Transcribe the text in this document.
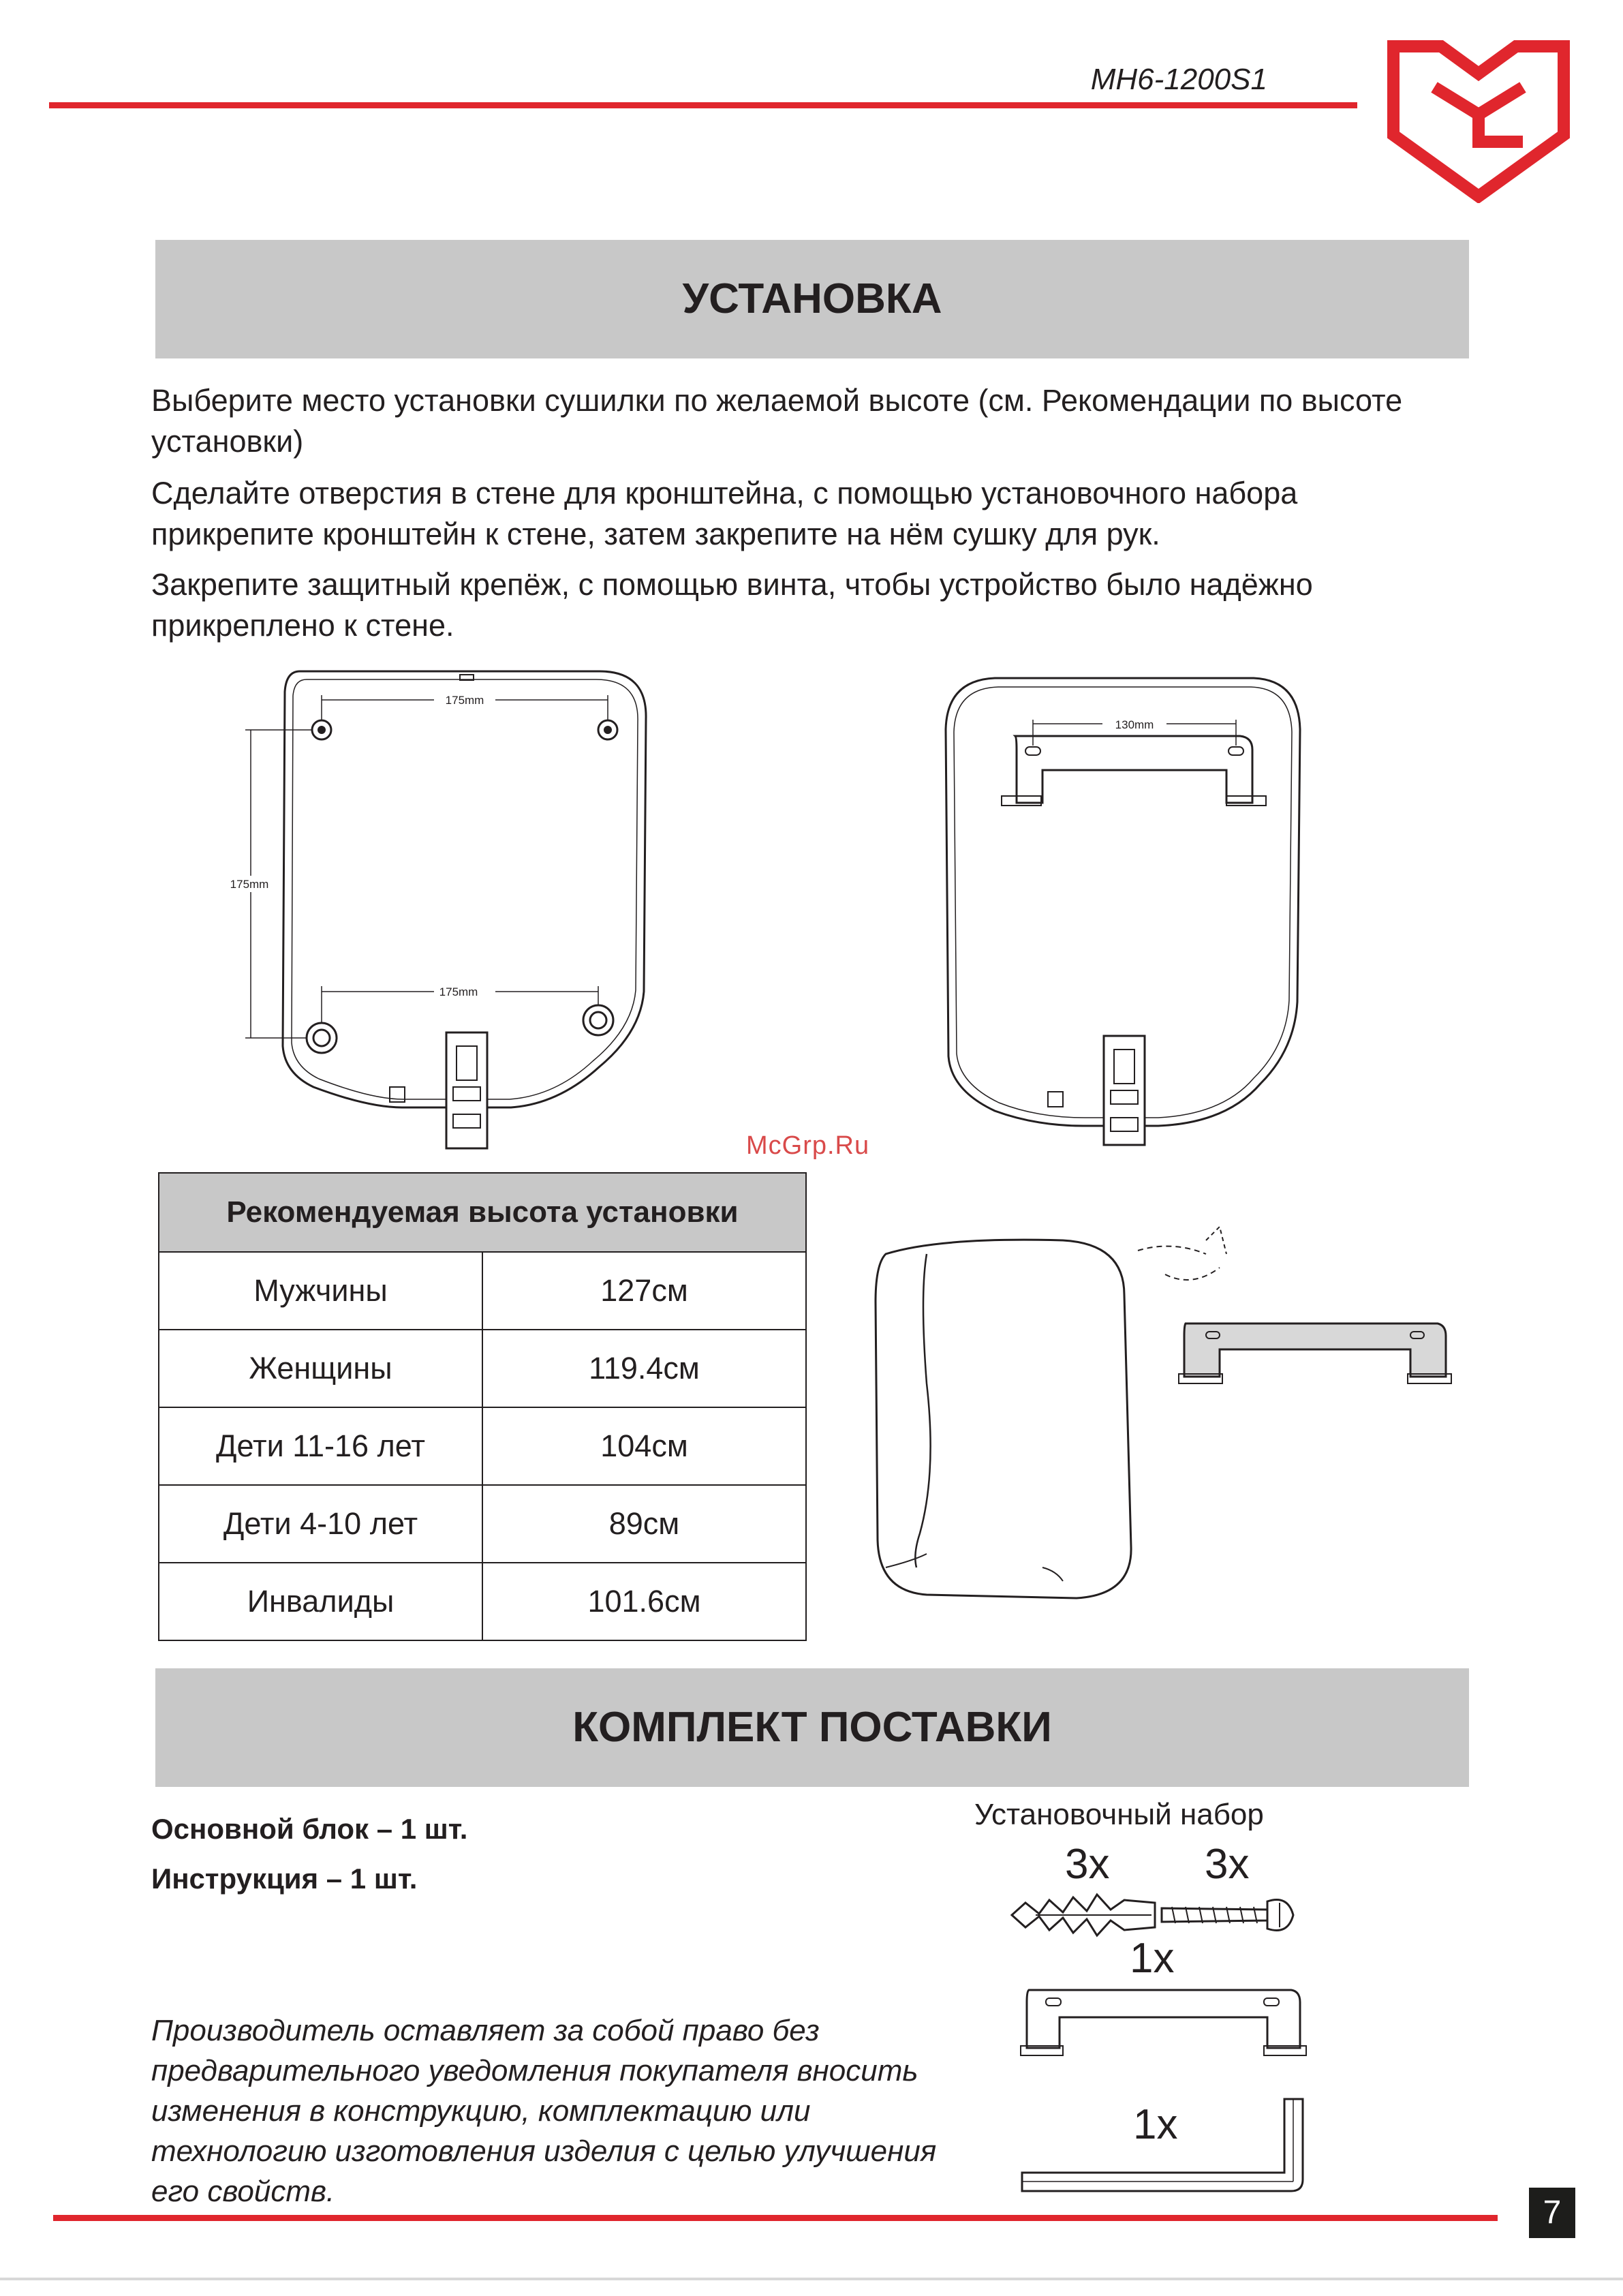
MH6-1200S1
УСТАНОВКА

Выберите место установки сушилки по желаемой высоте (см. Рекомендации по высоте установки)

Сделайте отверстия в стене для кронштейна, с помощью установочного набора прикрепите кронштейн к стене, затем закрепите на нём сушку для рук.

Закрепите защитный крепёж, с помощью винта, чтобы устройство было надёжно прикреплено к стене.

175mm
175mm
175mm
130mm
McGrp.Ru
Рекомендуемая высота установки	
Мужчины	127см
Женщины	119.4см
Дети 11-16 лет	104см
Дети 4-10 лет	89см
Инвалиды	101.6см
КОМПЛЕКТ ПОСТАВКИ
Основной блок – 1 шт.
Инструкция – 1 шт.

Производитель оставляет за собой право без предварительного уведомления покупателя вносить изменения в конструкцию, комплектацию или технологию изготовления изделия с целью улучшения его свойств.

Установочный набор
3x 3x
1x
1x
7
